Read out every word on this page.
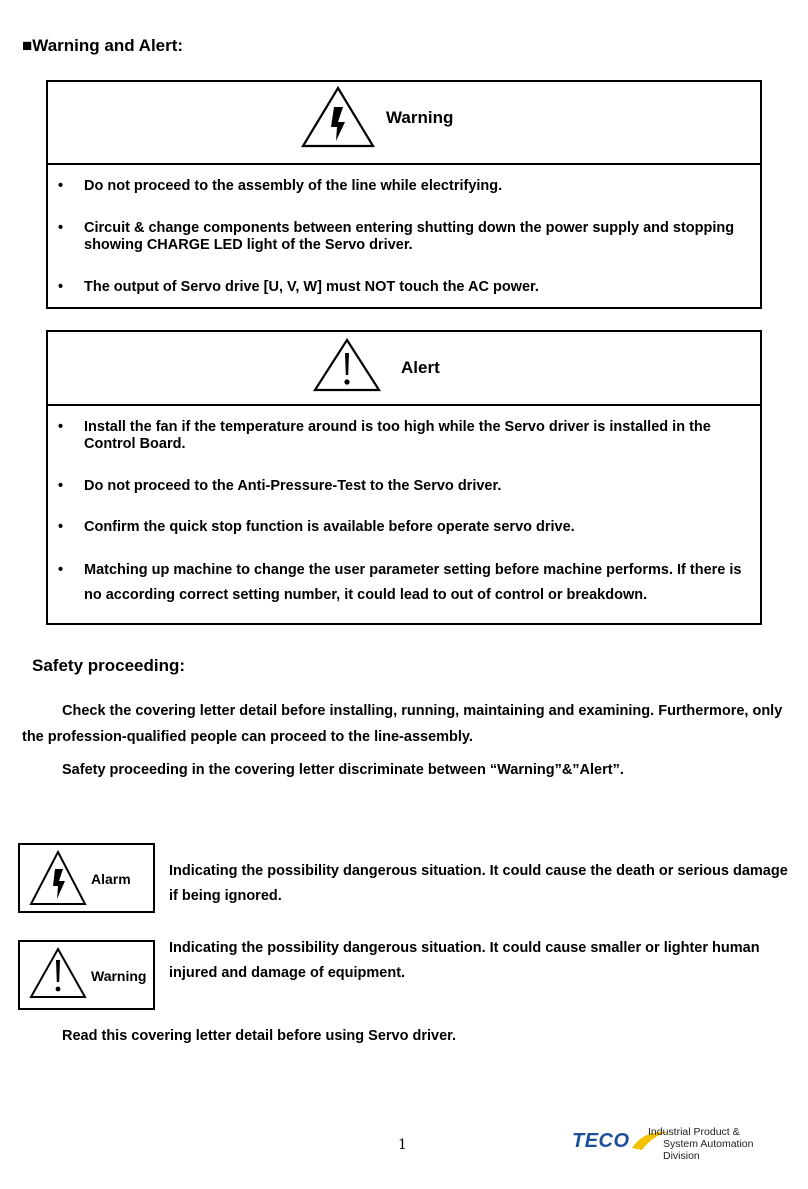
■Warning and Alert:
Warning
• Do not proceed to the assembly of the line while electrifying.
• Circuit & change components between entering shutting down the power supply and stopping showing CHARGE LED light of the Servo driver.
• The output of Servo drive [U, V, W] must NOT touch the AC power.
Alert
• Install the fan if the temperature around is too high while the Servo driver is installed in the Control Board.
• Do not proceed to the Anti-Pressure-Test to the Servo driver.
• Confirm the quick stop function is available before operate servo drive.
• Matching up machine to change the user parameter setting before machine performs. If there is no according correct setting number, it could lead to out of control or breakdown.
Safety proceeding:
Check the covering letter detail before installing, running, maintaining and examining. Furthermore, only the profession-qualified people can proceed to the line-assembly.
Safety proceeding in the covering letter discriminate between “Warning”&”Alert”.
Alarm	Indicating the possibility dangerous situation. It could cause the death or serious damage if being ignored.
Warning
Indicating the possibility dangerous situation. It could cause smaller or lighter human injured and damage of equipment.
Read this covering letter detail before using Servo driver.
1	TECO Industrial Product &
System Automation Division
